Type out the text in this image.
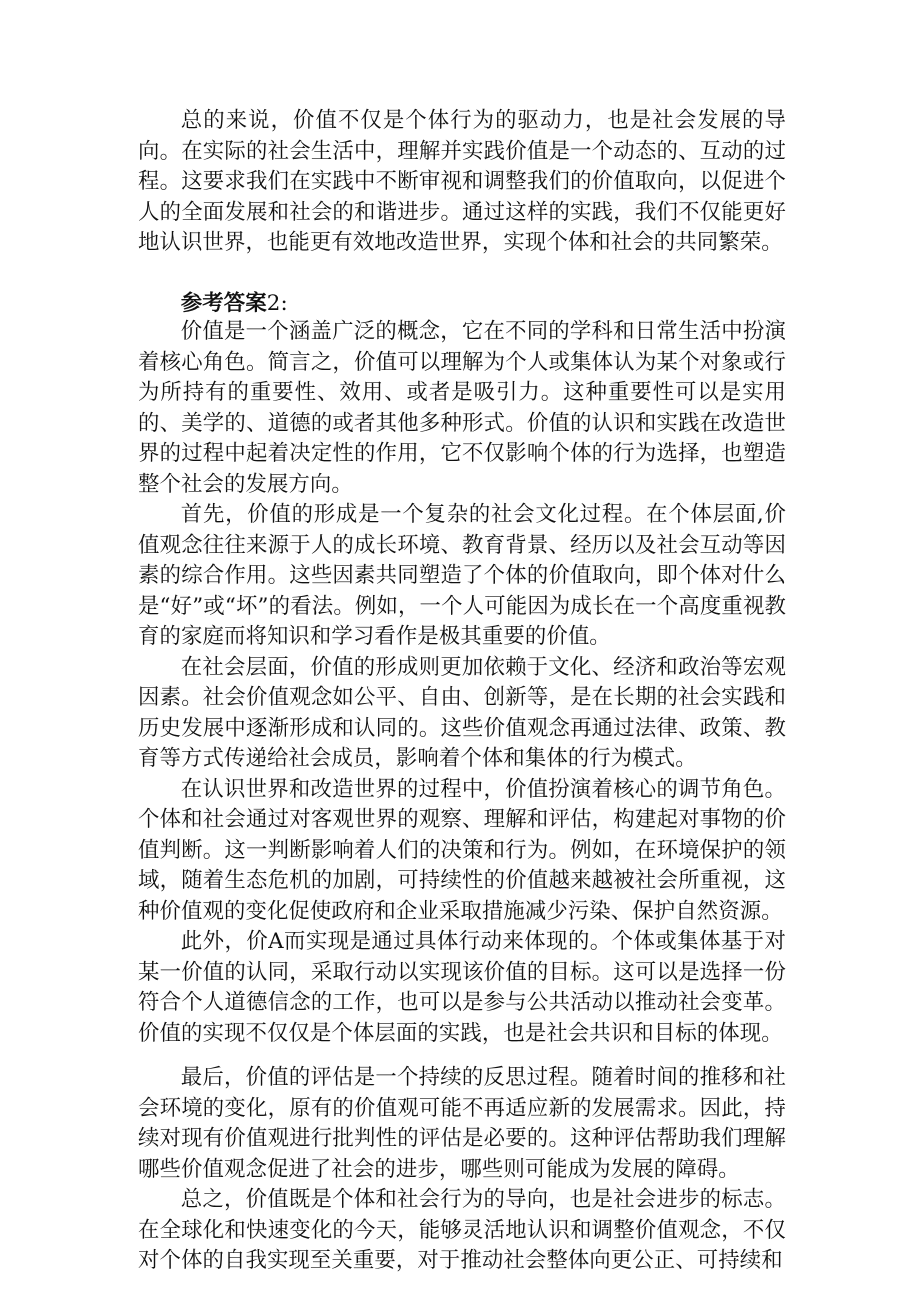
总的来说，价值不仅是个体行为的驱动力，也是社会发展的导向。在实际的社会生活中，理解并实践价值是一个动态的、互动的过程。这要求我们在实践中不断审视和调整我们的价值取向，以促进个人的全面发展和社会的和谐进步。通过这样的实践，我们不仅能更好地认识世界，也能更有效地改造世界，实现个体和社会的共同繁荣。

参考答案2:

价值是一个涵盖广泛的概念，它在不同的学科和日常生活中扮演着核心角色。简言之，价值可以理解为个人或集体认为某个对象或行为所持有的重要性、效用、或者是吸引力。这种重要性可以是实用的、美学的、道德的或者其他多种形式。价值的认识和实践在改造世界的过程中起着决定性的作用，它不仅影响个体的行为选择，也塑造整个社会的发展方向。

首先，价值的形成是一个复杂的社会文化过程。在个体层面,价值观念往往来源于人的成长环境、教育背景、经历以及社会互动等因素的综合作用。这些因素共同塑造了个体的价值取向，即个体对什么是“好”或“坏”的看法。例如，一个人可能因为成长在一个高度重视教育的家庭而将知识和学习看作是极其重要的价值。

在社会层面，价值的形成则更加依赖于文化、经济和政治等宏观因素。社会价值观念如公平、自由、创新等，是在长期的社会实践和历史发展中逐渐形成和认同的。这些价值观念再通过法律、政策、教育等方式传递给社会成员，影响着个体和集体的行为模式。

在认识世界和改造世界的过程中，价值扮演着核心的调节角色。个体和社会通过对客观世界的观察、理解和评估，构建起对事物的价值判断。这一判断影响着人们的决策和行为。例如，在环境保护的领域，随着生态危机的加剧，可持续性的价值越来越被社会所重视，这种价值观的变化促使政府和企业采取措施减少污染、保护自然资源。

此外，价A而实现是通过具体行动来体现的。个体或集体基于对某一价值的认同，采取行动以实现该价值的目标。这可以是选择一份符合个人道德信念的工作，也可以是参与公共活动以推动社会变革。价值的实现不仅仅是个体层面的实践，也是社会共识和目标的体现。

最后，价值的评估是一个持续的反思过程。随着时间的推移和社会环境的变化，原有的价值观可能不再适应新的发展需求。因此，持续对现有价值观进行批判性的评估是必要的。这种评估帮助我们理解哪些价值观念促进了社会的进步，哪些则可能成为发展的障碍。

总之，价值既是个体和社会行为的导向，也是社会进步的标志。在全球化和快速变化的今天，能够灵活地认识和调整价值观念，不仅对个体的自我实现至关重要，对于推动社会整体向更公正、可持续和
